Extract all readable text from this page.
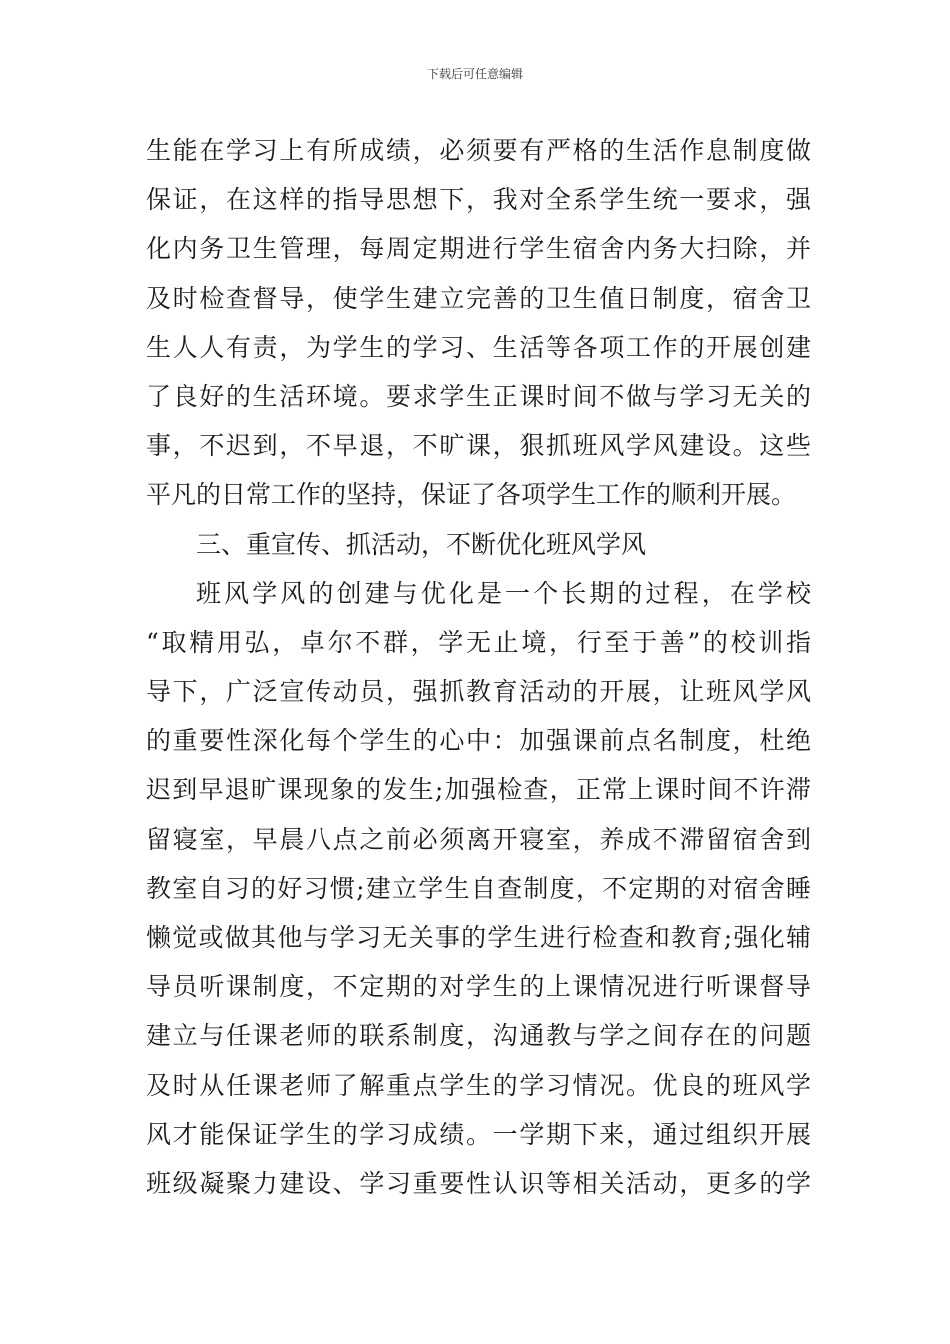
下载后可任意编辑
生能在学习上有所成绩，必须要有严格的生活作息制度做
保证，在这样的指导思想下，我对全系学生统一要求，强
化内务卫生管理，每周定期进行学生宿舍内务大扫除，并
及时检查督导，使学生建立完善的卫生值日制度，宿舍卫
生人人有责，为学生的学习、生活等各项工作的开展创建
了良好的生活环境。要求学生正课时间不做与学习无关的
事，不迟到，不早退，不旷课，狠抓班风学风建设。这些
平凡的日常工作的坚持，保证了各项学生工作的顺利开展。
三、重宣传、抓活动，不断优化班风学风
班风学风的创建与优化是一个长期的过程，在学校
“取精用弘，卓尔不群，学无止境，行至于善”的校训指
导下，广泛宣传动员，强抓教育活动的开展，让班风学风
的重要性深化每个学生的心中：加强课前点名制度，杜绝
迟到早退旷课现象的发生;加强检查，正常上课时间不许滞
留寝室，早晨八点之前必须离开寝室，养成不滞留宿舍到
教室自习的好习惯;建立学生自查制度，不定期的对宿舍睡
懒觉或做其他与学习无关事的学生进行检查和教育;强化辅
导员听课制度，不定期的对学生的上课情况进行听课督导
建立与任课老师的联系制度，沟通教与学之间存在的问题
及时从任课老师了解重点学生的学习情况。优良的班风学
风才能保证学生的学习成绩。一学期下来，通过组织开展
班级凝聚力建设、学习重要性认识等相关活动，更多的学
